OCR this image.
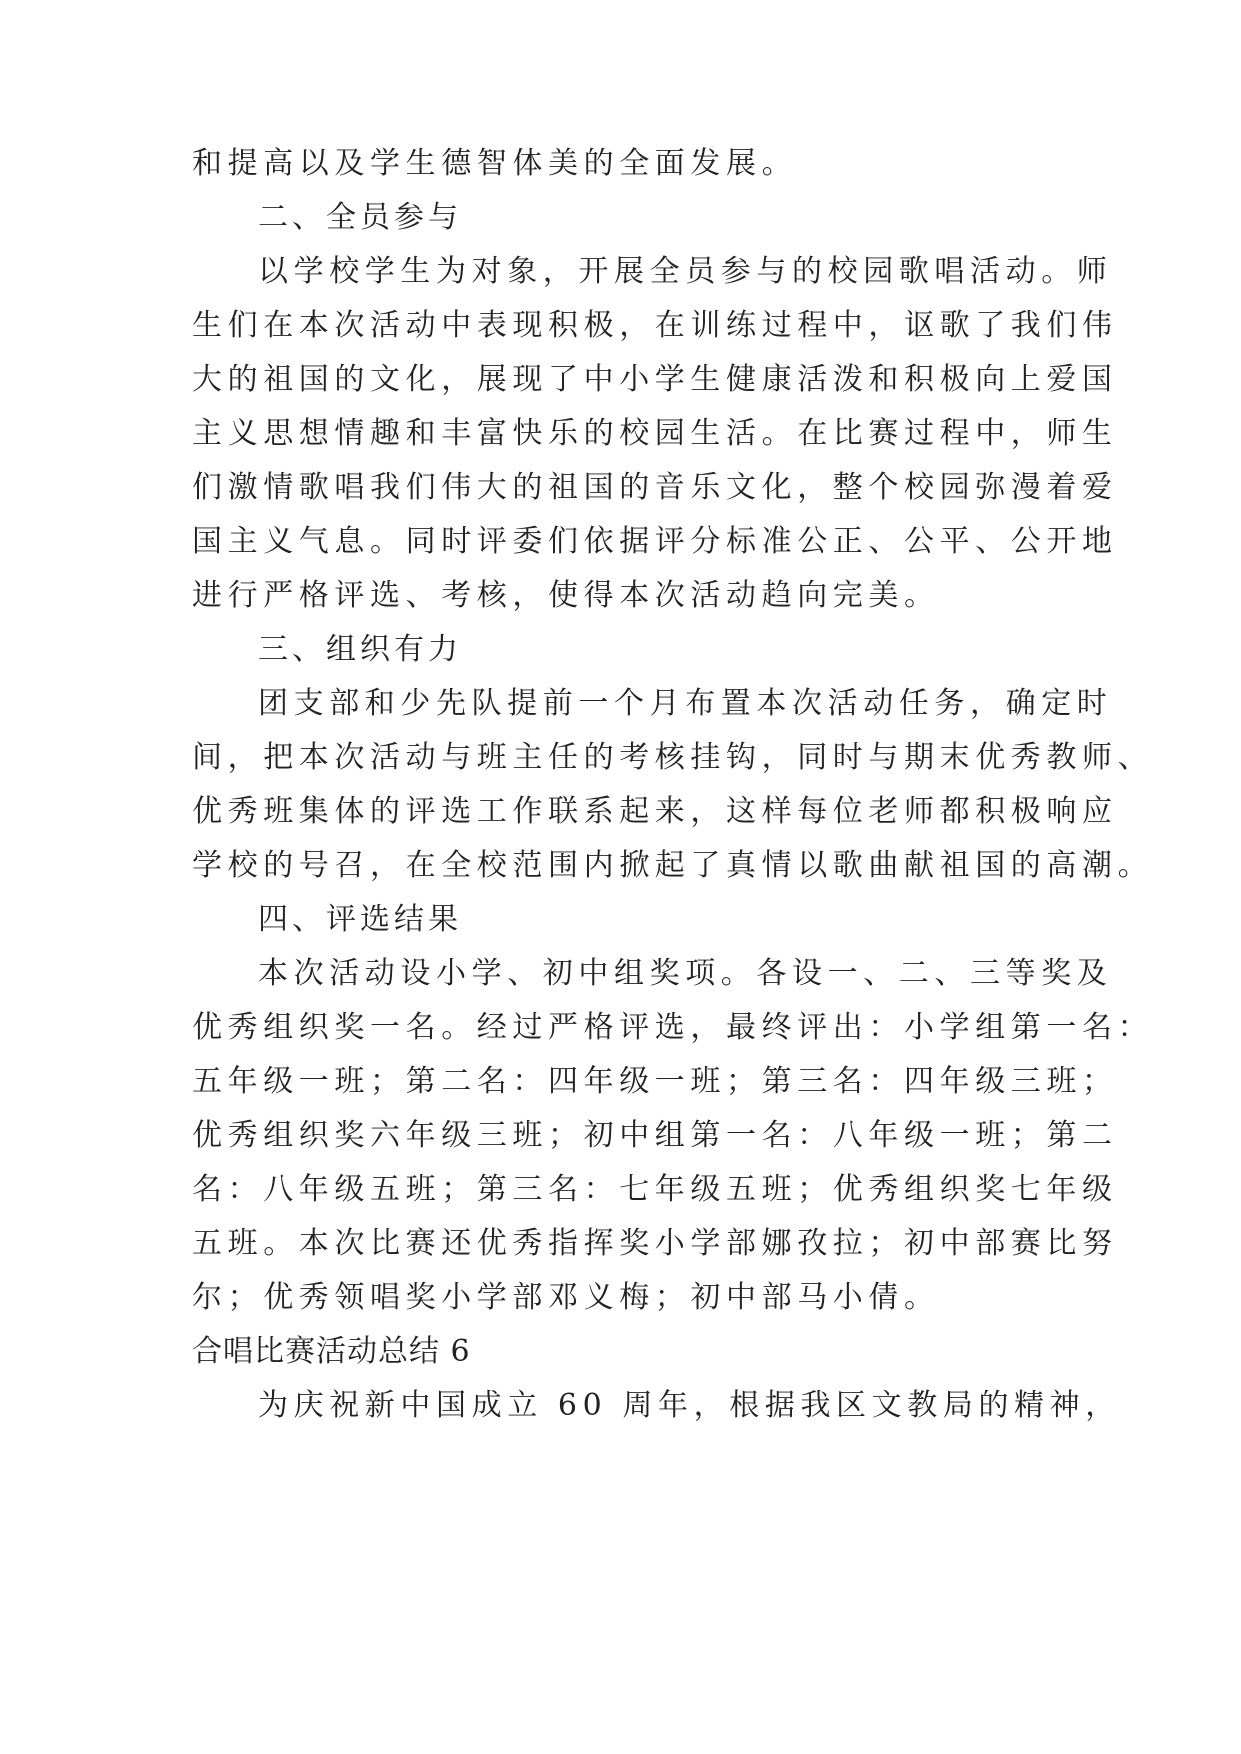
和提高以及学生德智体美的全面发展。
二、全员参与
以学校学生为对象，开展全员参与的校园歌唱活动。师
生们在本次活动中表现积极，在训练过程中，讴歌了我们伟
大的祖国的文化，展现了中小学生健康活泼和积极向上爱国
主义思想情趣和丰富快乐的校园生活。在比赛过程中，师生
们激情歌唱我们伟大的祖国的音乐文化，整个校园弥漫着爱
国主义气息。同时评委们依据评分标准公正、公平、公开地
进行严格评选、考核，使得本次活动趋向完美。
三、组织有力
团支部和少先队提前一个月布置本次活动任务，确定时
间，把本次活动与班主任的考核挂钩，同时与期末优秀教师、
优秀班集体的评选工作联系起来，这样每位老师都积极响应
学校的号召，在全校范围内掀起了真情以歌曲献祖国的高潮。
四、评选结果
本次活动设小学、初中组奖项。各设一、二、三等奖及
优秀组织奖一名。经过严格评选，最终评出：小学组第一名：
五年级一班；第二名：四年级一班；第三名：四年级三班；
优秀组织奖六年级三班；初中组第一名：八年级一班；第二
名：八年级五班；第三名：七年级五班；优秀组织奖七年级
五班。本次比赛还优秀指挥奖小学部娜孜拉；初中部赛比努
尔；优秀领唱奖小学部邓义梅；初中部马小倩。
合唱比赛活动总结 6
为庆祝新中国成立 60 周年，根据我区文教局的精神，
